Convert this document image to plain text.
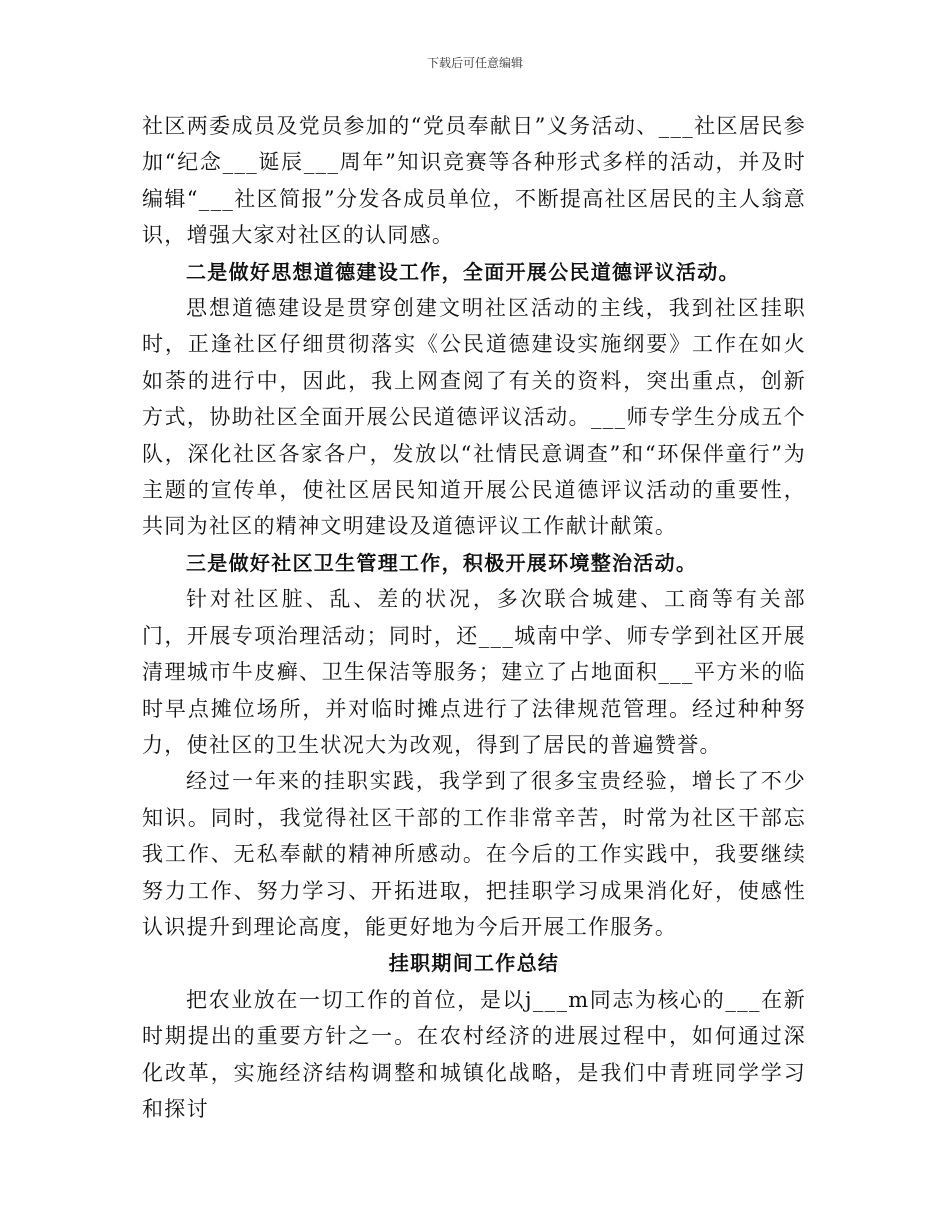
下载后可任意编辑

社区两委成员及党员参加的“党员奉献日”义务活动、___社区居民参加“纪念___诞辰___周年”知识竞赛等各种形式多样的活动，并及时编辑“___社区简报”分发各成员单位，不断提高社区居民的主人翁意识，增强大家对社区的认同感。

二是做好思想道德建设工作，全面开展公民道德评议活动。

思想道德建设是贯穿创建文明社区活动的主线，我到社区挂职时，正逢社区仔细贯彻落实《公民道德建设实施纲要》工作在如火如荼的进行中，因此，我上网查阅了有关的资料，突出重点，创新方式，协助社区全面开展公民道德评议活动。___师专学生分成五个队，深化社区各家各户，发放以“社情民意调查”和“环保伴童行”为主题的宣传单，使社区居民知道开展公民道德评议活动的重要性，共同为社区的精神文明建设及道德评议工作献计献策。

三是做好社区卫生管理工作，积极开展环境整治活动。

针对社区脏、乱、差的状况，多次联合城建、工商等有关部门，开展专项治理活动；同时，还___城南中学、师专学到社区开展清理城市牛皮癣、卫生保洁等服务；建立了占地面积___平方米的临时早点摊位场所，并对临时摊点进行了法律规范管理。经过种种努力，使社区的卫生状况大为改观，得到了居民的普遍赞誉。

经过一年来的挂职实践，我学到了很多宝贵经验，增长了不少知识。同时，我觉得社区干部的工作非常辛苦，时常为社区干部忘我工作、无私奉献的精神所感动。在今后的工作实践中，我要继续努力工作、努力学习、开拓进取，把挂职学习成果消化好，使感性认识提升到理论高度，能更好地为今后开展工作服务。

挂职期间工作总结

把农业放在一切工作的首位，是以j___m同志为核心的___在新时期提出的重要方针之一。在农村经济的进展过程中，如何通过深化改革，实施经济结构调整和城镇化战略，是我们中青班同学学习和探讨
